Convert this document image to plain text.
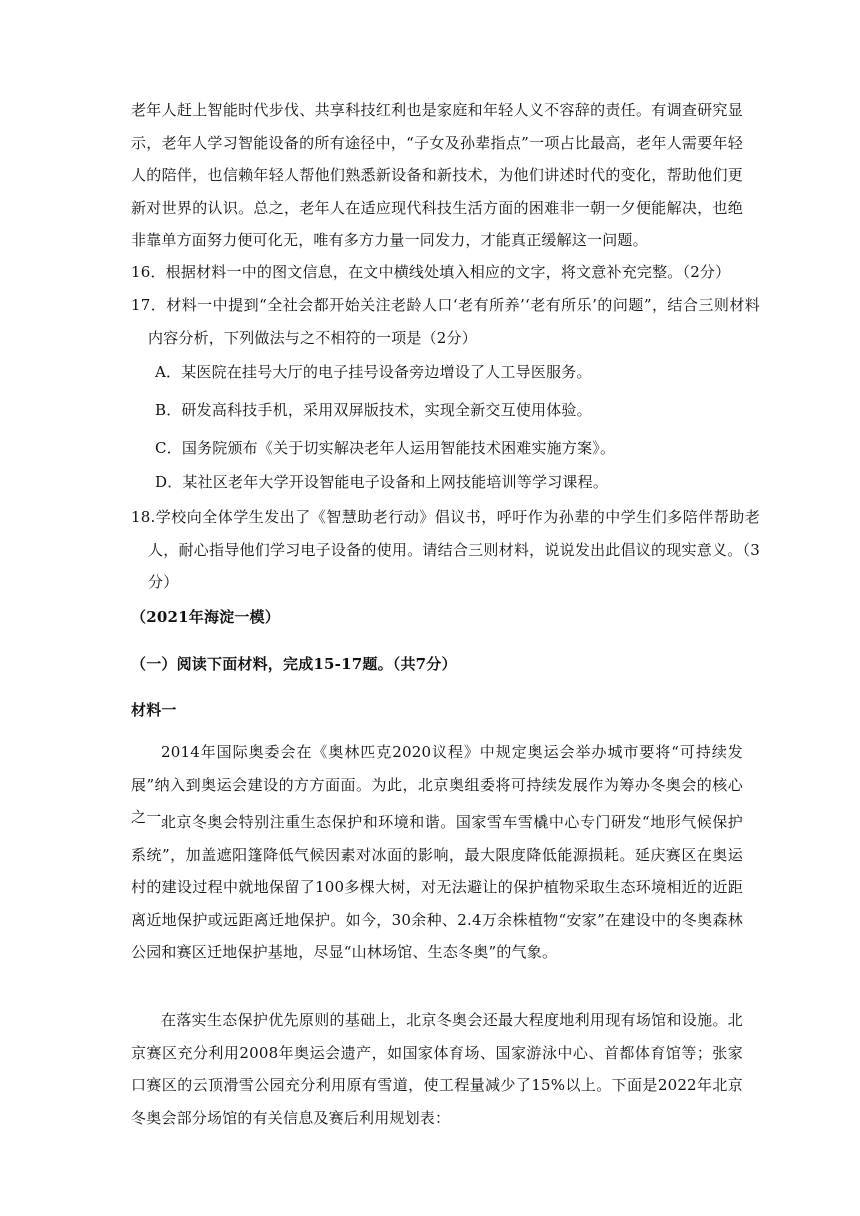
老年人赶上智能时代步伐、共享科技红利也是家庭和年轻人义不容辞的责任。有调查研究显示，老年人学习智能设备的所有途径中，“子女及孙辈指点”一项占比最高，老年人需要年轻人的陪伴，也信赖年轻人帮他们熟悉新设备和新技术，为他们讲述时代的变化，帮助他们更新对世界的认识。总之，老年人在适应现代科技生活方面的困难非一朝一夕便能解决，也绝非靠单方面努力便可化无，唯有多方力量一同发力，才能真正缓解这一问题。

16．根据材料一中的图文信息，在文中横线处填入相应的文字，将文意补充完整。（2分）

17．材料一中提到“全社会都开始关注老龄人口‘老有所养’‘老有所乐’的问题”，结合三则材料内容分析，下列做法与之不相符的一项是（2分）

A．某医院在挂号大厅的电子挂号设备旁边增设了人工导医服务。

B．研发高科技手机，采用双屏版技术，实现全新交互使用体验。

C．国务院颁布《关于切实解决老年人运用智能技术困难实施方案》。

D．某社区老年大学开设智能电子设备和上网技能培训等学习课程。

18.学校向全体学生发出了《智慧助老行动》倡议书，呼吁作为孙辈的中学生们多陪伴帮助老人，耐心指导他们学习电子设备的使用。请结合三则材料，说说发出此倡议的现实意义。（3分）

（2021年海淀一模）

（一）阅读下面材料，完成15-17题。（共7分）

材料一

2014年国际奥委会在《奥林匹克2020议程》中规定奥运会举办城市要将“可持续发展”纳入到奥运会建设的方方面面。为此，北京奥组委将可持续发展作为筹办冬奥会的核心之一。

北京冬奥会特别注重生态保护和环境和谐。国家雪车雪橇中心专门研发“地形气候保护系统”，加盖遮阳篷降低气候因素对冰面的影响，最大限度降低能源损耗。延庆赛区在奥运村的建设过程中就地保留了100多棵大树，对无法避让的保护植物采取生态环境相近的近距离近地保护或远距离迁地保护。如今，30余种、2.4万余株植物“安家”在建设中的冬奥森林公园和赛区迁地保护基地，尽显“山林场馆、生态冬奥”的气象。

在落实生态保护优先原则的基础上，北京冬奥会还最大程度地利用现有场馆和设施。北京赛区充分利用2008年奥运会遗产，如国家体育场、国家游泳中心、首都体育馆等；张家口赛区的云顶滑雪公园充分利用原有雪道，使工程量减少了15%以上。下面是2022年北京冬奥会部分场馆的有关信息及赛后利用规划表：
